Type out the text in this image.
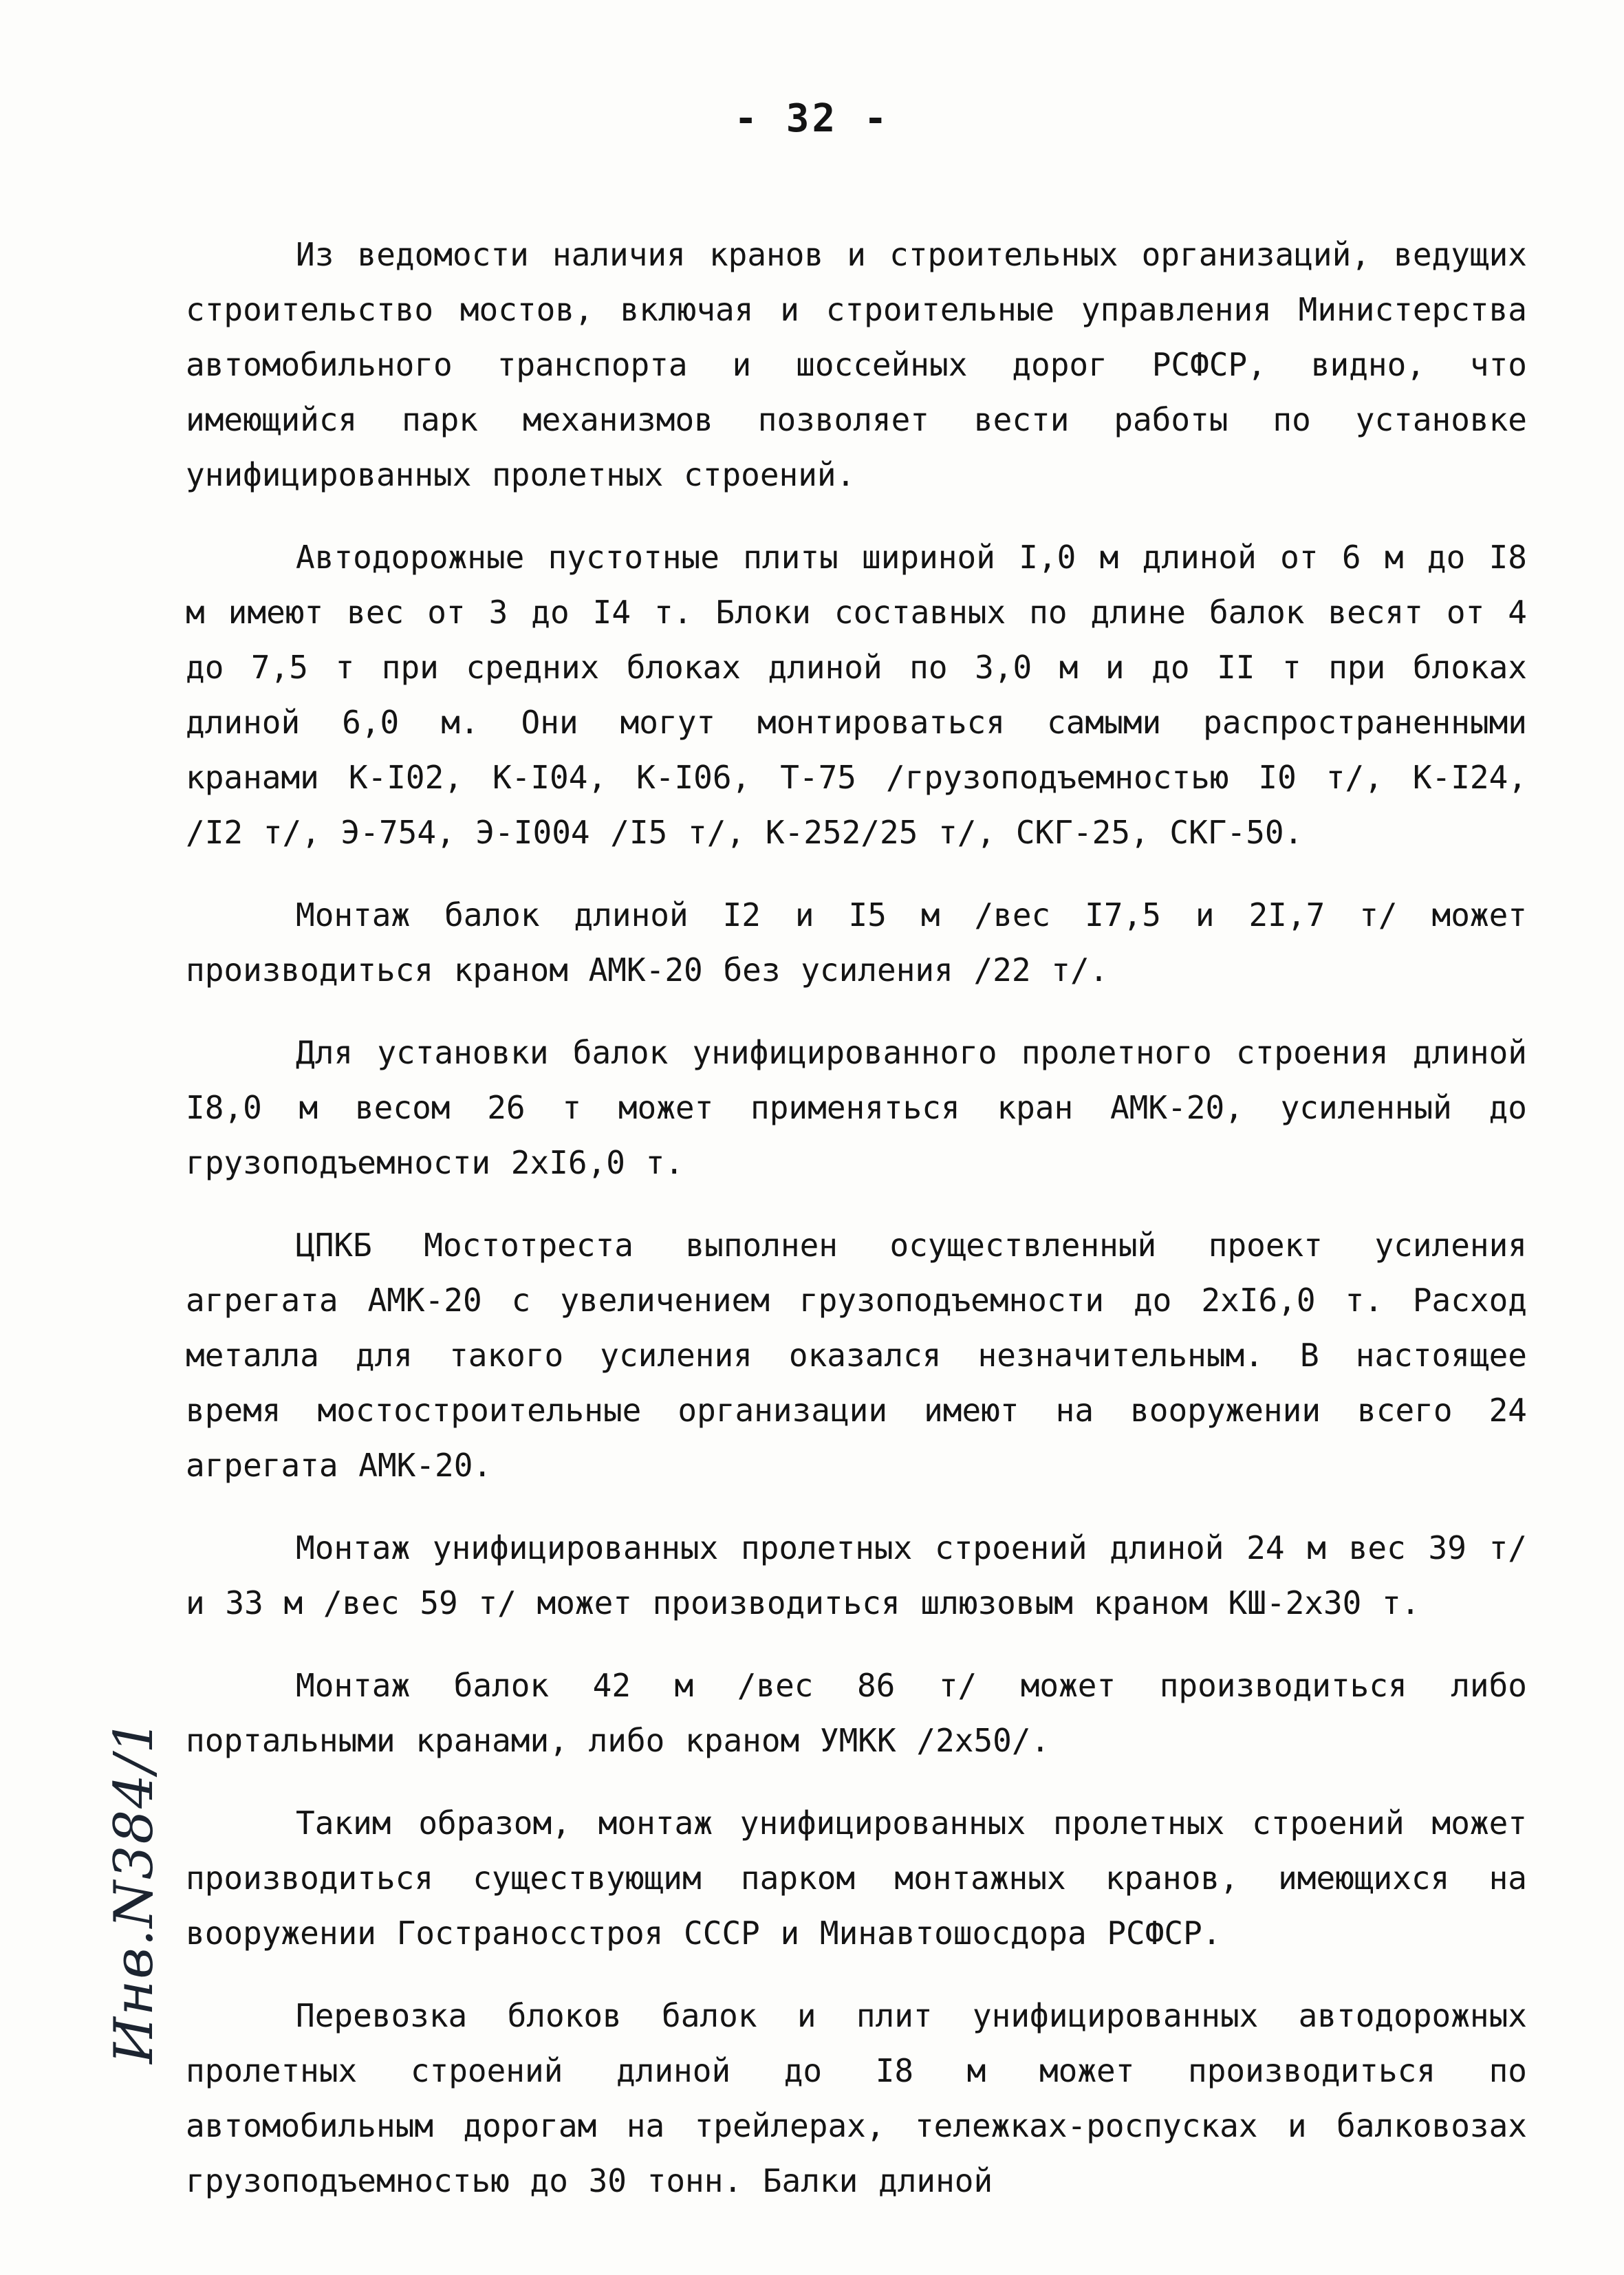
- 32 -

Из ведомости наличия кранов и строительных организаций, ведущих строительство мостов, включая и строительные управления Министерства автомобильного транспорта и шоссейных дорог РСФСР, видно, что имеющийся парк механизмов позволяет вести работы по установке унифицированных пролетных строений.

Автодорожные пустотные плиты шириной I,0 м длиной от 6 м до I8 м имеют вес от 3 до I4 т. Блоки составных по длине балок весят от 4 до 7,5 т при средних блоках длиной по 3,0 м и до II т при блоках длиной 6,0 м. Они могут монтироваться самыми распространенными кранами К-I02, К-I04, К-I06, Т-75 /грузоподъемностью I0 т/, К-I24, /I2 т/, Э-754, Э-I004 /I5 т/, К-252/25 т/, СКГ-25, СКГ-50.

Монтаж балок длиной I2 и I5 м /вес I7,5 и 2I,7 т/ может производиться краном АМК-20 без усиления /22 т/.

Для установки балок унифицированного пролетного строения длиной I8,0 м весом 26 т может применяться кран АМК-20, усиленный до грузоподъемности 2хI6,0 т.

ЦПКБ Мостотреста выполнен осуществленный проект усиления агрегата АМК-20 с увеличением грузоподъемности до 2хI6,0 т. Расход металла для такого усиления оказался незначительным. В настоящее время мостостроительные организации имеют на вооружении всего 24 агрегата АМК-20.

Монтаж унифицированных пролетных строений длиной 24 м вес 39 т/ и 33 м /вес 59 т/ может производиться шлюзовым краном КШ-2х30 т.

Монтаж балок 42 м /вес 86 т/ может производиться либо портальными кранами, либо краном УМКК /2х50/.

Таким образом, монтаж унифицированных пролетных строений может производиться существующим парком монтажных кранов, имеющихся на вооружении Гостраносстроя СССР и Минавтошосдора РСФСР.

Перевозка блоков балок и плит унифицированных автодорожных пролетных строений длиной до I8 м может производиться по автомобильным дорогам на трейлерах, тележках-роспусках и балковозах грузоподъемностью до 30 тонн. Балки длиной

Инв.N384/1
